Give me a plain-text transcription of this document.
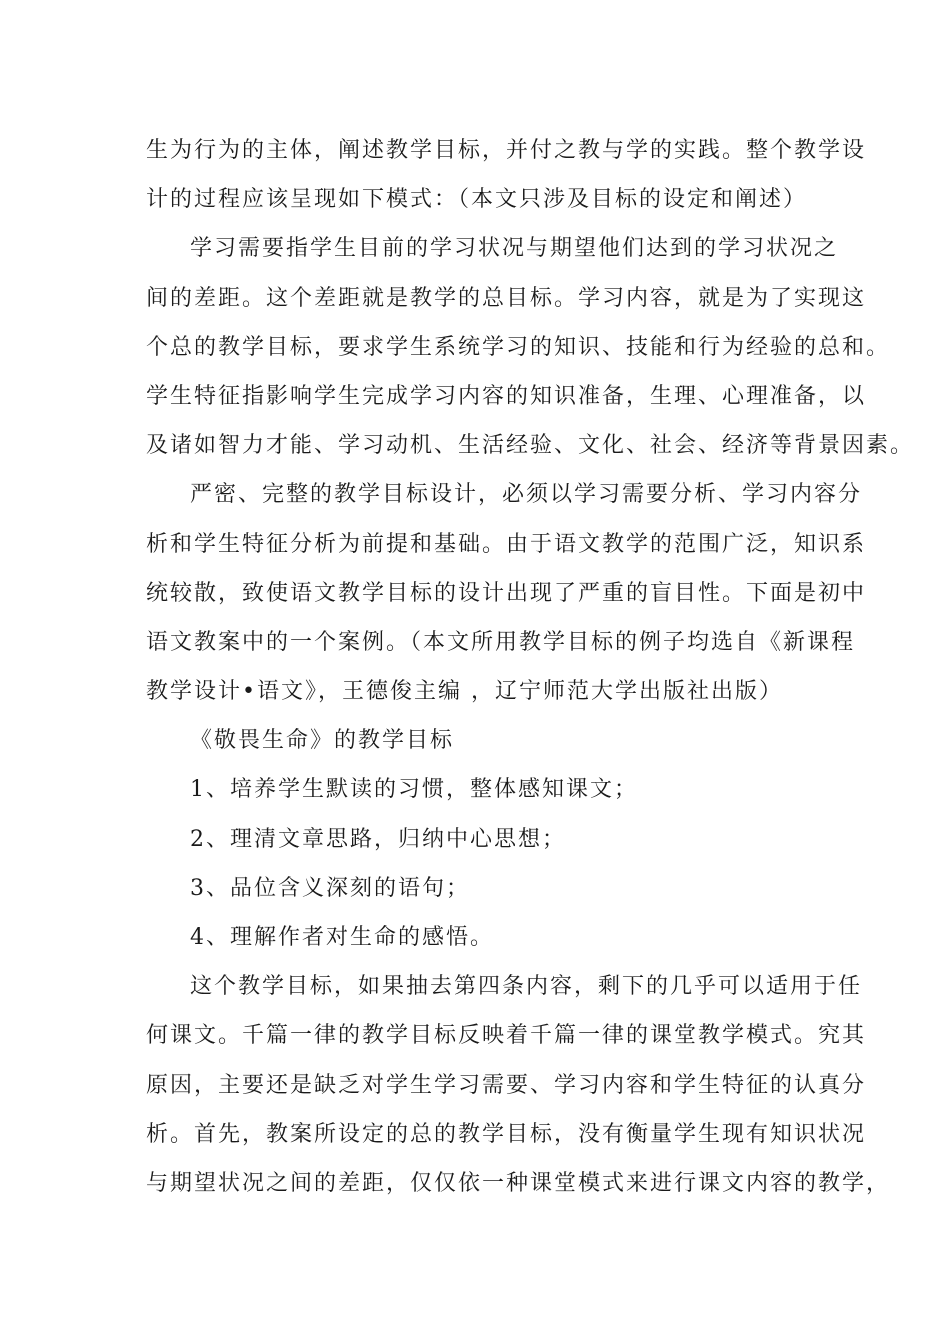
生为行为的主体，阐述教学目标，并付之教与学的实践。整个教学设
计的过程应该呈现如下模式：（本文只涉及目标的设定和阐述）
学习需要指学生目前的学习状况与期望他们达到的学习状况之
间的差距。这个差距就是教学的总目标。学习内容，就是为了实现这
个总的教学目标，要求学生系统学习的知识、技能和行为经验的总和。
学生特征指影响学生完成学习内容的知识准备，生理、心理准备，以
及诸如智力才能、学习动机、生活经验、文化、社会、经济等背景因素。
严密、完整的教学目标设计，必须以学习需要分析、学习内容分
析和学生特征分析为前提和基础。由于语文教学的范围广泛，知识系
统较散，致使语文教学目标的设计出现了严重的盲目性。下面是初中
语文教案中的一个案例。（本文所用教学目标的例子均选自《新课程
教学设计•语文》，王德俊主编 ，辽宁师范大学出版社出版）
《敬畏生命》的教学目标
1、培养学生默读的习惯，整体感知课文；
2、理清文章思路，归纳中心思想；
3、品位含义深刻的语句；
4、理解作者对生命的感悟。
这个教学目标，如果抽去第四条内容，剩下的几乎可以适用于任
何课文。千篇一律的教学目标反映着千篇一律的课堂教学模式。究其
原因，主要还是缺乏对学生学习需要、学习内容和学生特征的认真分
析。首先，教案所设定的总的教学目标，没有衡量学生现有知识状况
与期望状况之间的差距，仅仅依一种课堂模式来进行课文内容的教学，
